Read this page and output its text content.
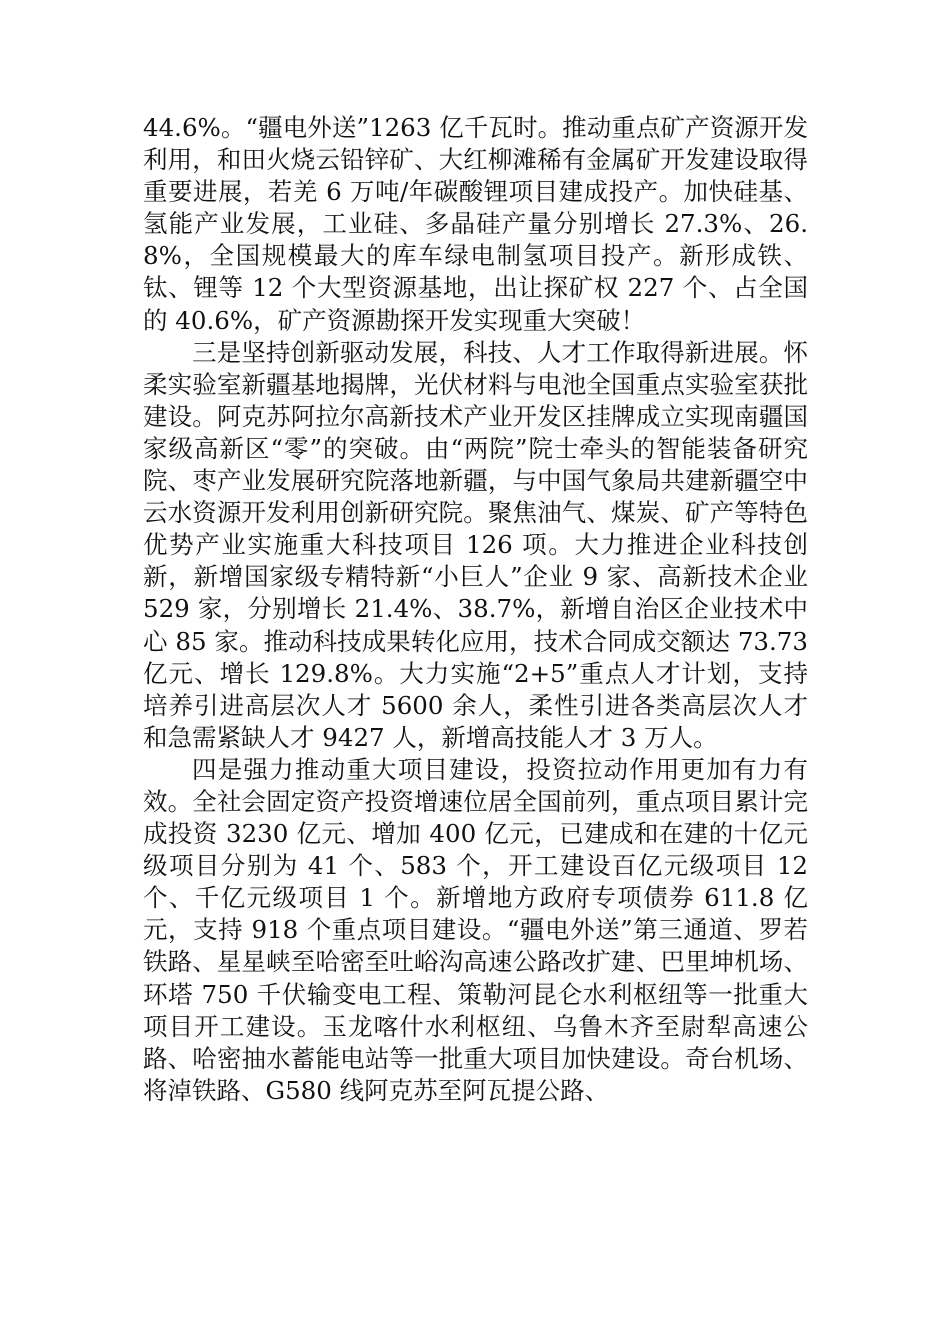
44.6%。“疆电外送”1263 亿千瓦时。推动重点矿产资源开发利用，和田火烧云铅锌矿、大红柳滩稀有金属矿开发建设取得重要进展，若羌 6 万吨/年碳酸锂项目建成投产。加快硅基、氢能产业发展，工业硅、多晶硅产量分别增长 27.3%、26.8%，全国规模最大的库车绿电制氢项目投产。新形成铁、钛、锂等 12 个大型资源基地，出让探矿权 227 个、占全国的 40.6%，矿产资源勘探开发实现重大突破！

三是坚持创新驱动发展，科技、人才工作取得新进展。怀柔实验室新疆基地揭牌，光伏材料与电池全国重点实验室获批建设。阿克苏阿拉尔高新技术产业开发区挂牌成立实现南疆国家级高新区“零”的突破。由“两院”院士牵头的智能装备研究院、枣产业发展研究院落地新疆，与中国气象局共建新疆空中云水资源开发利用创新研究院。聚焦油气、煤炭、矿产等特色优势产业实施重大科技项目 126 项。大力推进企业科技创新，新增国家级专精特新“小巨人”企业 9 家、高新技术企业 529 家，分别增长 21.4%、38.7%，新增自治区企业技术中心 85 家。推动科技成果转化应用，技术合同成交额达 73.73 亿元、增长 129.8%。大力实施“2+5”重点人才计划，支持培养引进高层次人才 5600 余人，柔性引进各类高层次人才和急需紧缺人才 9427 人，新增高技能人才 3 万人。

四是强力推动重大项目建设，投资拉动作用更加有力有效。全社会固定资产投资增速位居全国前列，重点项目累计完成投资 3230 亿元、增加 400 亿元，已建成和在建的十亿元级项目分别为 41 个、583 个，开工建设百亿元级项目 12 个、千亿元级项目 1 个。新增地方政府专项债券 611.8 亿元，支持 918 个重点项目建设。“疆电外送”第三通道、罗若铁路、星星峡至哈密至吐峪沟高速公路改扩建、巴里坤机场、环塔 750 千伏输变电工程、策勒河昆仑水利枢纽等一批重大项目开工建设。玉龙喀什水利枢纽、乌鲁木齐至尉犁高速公路、哈密抽水蓄能电站等一批重大项目加快建设。奇台机场、将淖铁路、G580 线阿克苏至阿瓦提公路、
